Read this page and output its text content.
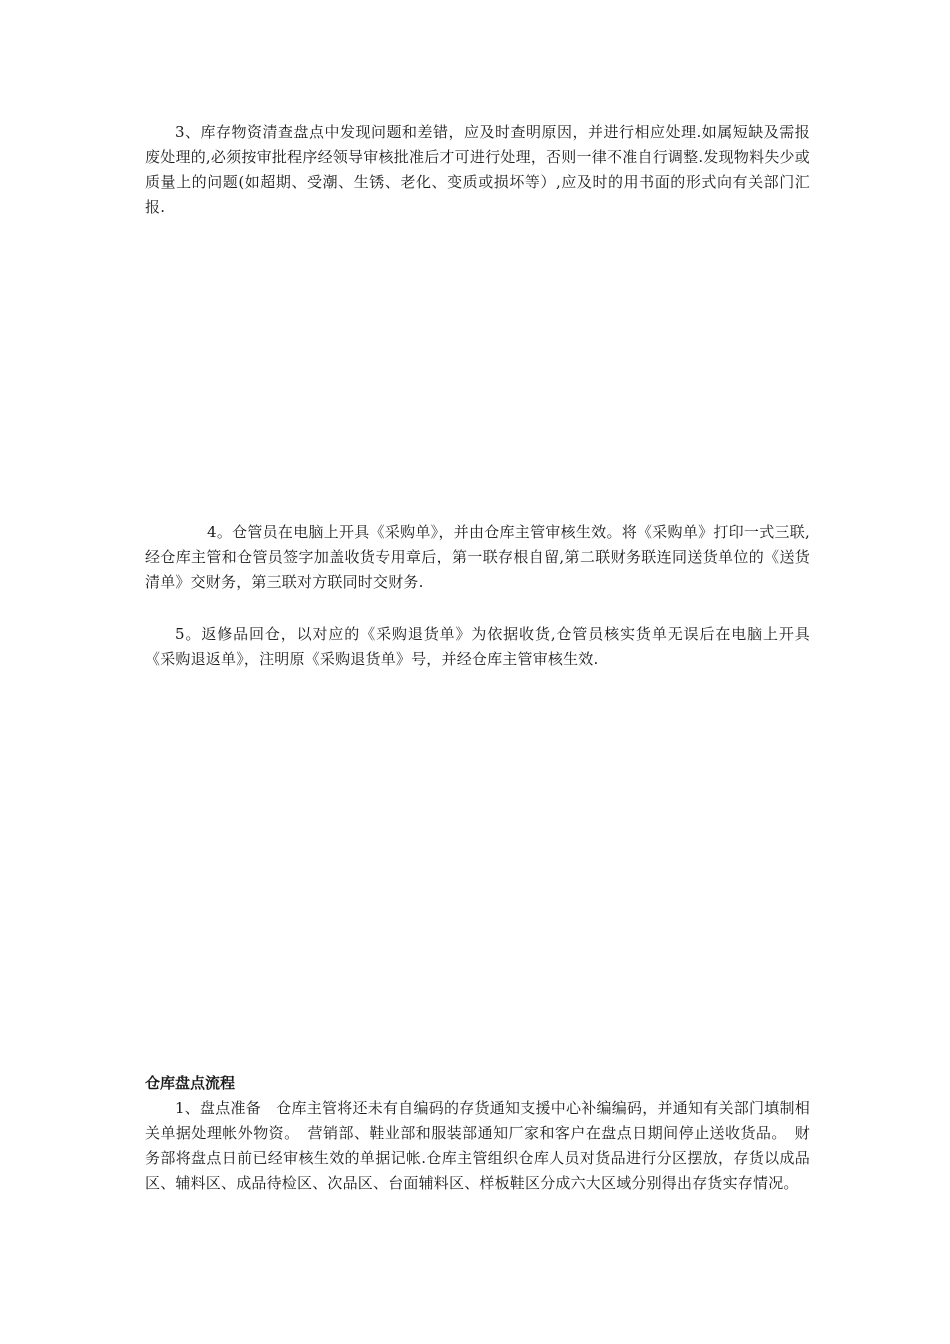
3、库存物资清查盘点中发现问题和差错，应及时查明原因，并进行相应处理.如属短缺及需报废处理的,必须按审批程序经领导审核批准后才可进行处理，否则一律不准自行调整.发现物料失少或质量上的问题(如超期、受潮、生锈、老化、变质或损坏等）,应及时的用书面的形式向有关部门汇报.

4。仓管员在电脑上开具《采购单》，并由仓库主管审核生效。将《采购单》打印一式三联,经仓库主管和仓管员签字加盖收货专用章后，第一联存根自留,第二联财务联连同送货单位的《送货清单》交财务，第三联对方联同时交财务.

5。返修品回仓，以对应的《采购退货单》为依据收货,仓管员核实货单无误后在电脑上开具《采购退返单》，注明原《采购退货单》号，并经仓库主管审核生效.

仓库盘点流程

1、盘点准备　仓库主管将还未有自编码的存货通知支援中心补编编码，并通知有关部门填制相关单据处理帐外物资。　营销部、鞋业部和服装部通知厂家和客户在盘点日期间停止送收货品。　财务部将盘点日前已经审核生效的单据记帐.仓库主管组织仓库人员对货品进行分区摆放，存货以成品区、辅料区、成品待检区、次品区、台面辅料区、样板鞋区分成六大区域分别得出存货实存情况。
